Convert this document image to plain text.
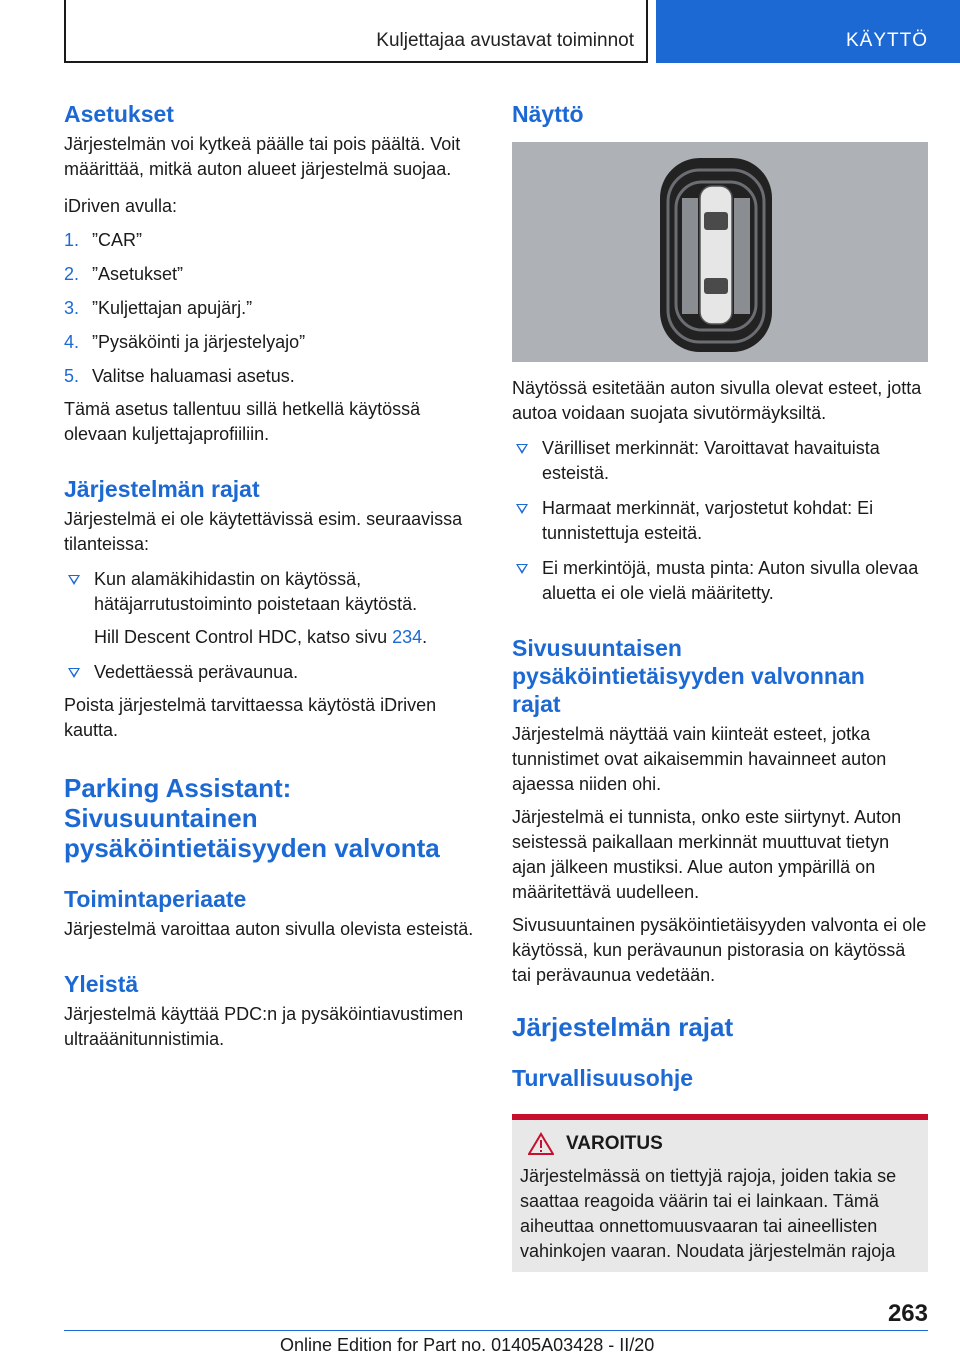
Kuljettajaa avustavat toiminnot	KÄYTTÖ
Asetukset

Järjestelmän voi kytkeä päälle tai pois päältä. Voit määrittää, mitkä auton alueet järjestelmä suojaa.

iDriven avulla:

1. ”CAR”
2. ”Asetukset”
3. ”Kuljettajan apujärj.”
4. ”Pysäköinti ja järjestelyajo”
5. Valitse haluamasi asetus.

Tämä asetus tallentuu sillä hetkellä käytössä olevaan kuljettajaprofiiliin.

Järjestelmän rajat

Järjestelmä ei ole käytettävissä esim. seuraavissa tilanteissa:

Kun alamäkihidastin on käytössä, hätäjarrutustoiminto poistetaan käytöstä.
Hill Descent Control HDC, katso sivu 234.
Vedettäessä perävaunua.

Poista järjestelmä tarvittaessa käytöstä iDriven kautta.

Parking Assistant:
Sivusuuntainen
pysäköintietäisyyden valvonta
Toimintaperiaate

Järjestelmä varoittaa auton sivulla olevista esteistä.

Yleistä

Järjestelmä käyttää PDC:n ja pysäköintiavustimen ultraäänitunnistimia.

Näyttö

Näytössä esitetään auton sivulla olevat esteet, jotta autoa voidaan suojata sivutörmäyksiltä.

Värilliset merkinnät: Varoittavat havaituista esteistä.
Harmaat merkinnät, varjostetut kohdat: Ei tunnistettuja esteitä.
Ei merkintöjä, musta pinta: Auton sivulla olevaa aluetta ei ole vielä määritetty.
Sivusuuntaisen pysäköintietäisyyden valvonnan rajat

Järjestelmä näyttää vain kiinteät esteet, jotka tunnistimet ovat aikaisemmin havainneet auton ajaessa niiden ohi.

Järjestelmä ei tunnista, onko este siirtynyt. Auton seistessä paikallaan merkinnät muuttuvat tietyn ajan jälkeen mustiksi. Alue auton ympärillä on määritettävä uudelleen.

Sivusuuntainen pysäköintietäisyyden valvonta ei ole käytössä, kun perävaunun pistorasia on käytössä tai perävaunua vedetään.

Järjestelmän rajat
Turvallisuusohje
VAROITUS

Järjestelmässä on tiettyjä rajoja, joiden takia se saattaa reagoida väärin tai ei lainkaan. Tämä aiheuttaa onnettomuusvaaran tai aineellisten vahinkojen vaaran. Noudata järjestelmän rajoja

263
Online Edition for Part no. 01405A03428 - II/20
